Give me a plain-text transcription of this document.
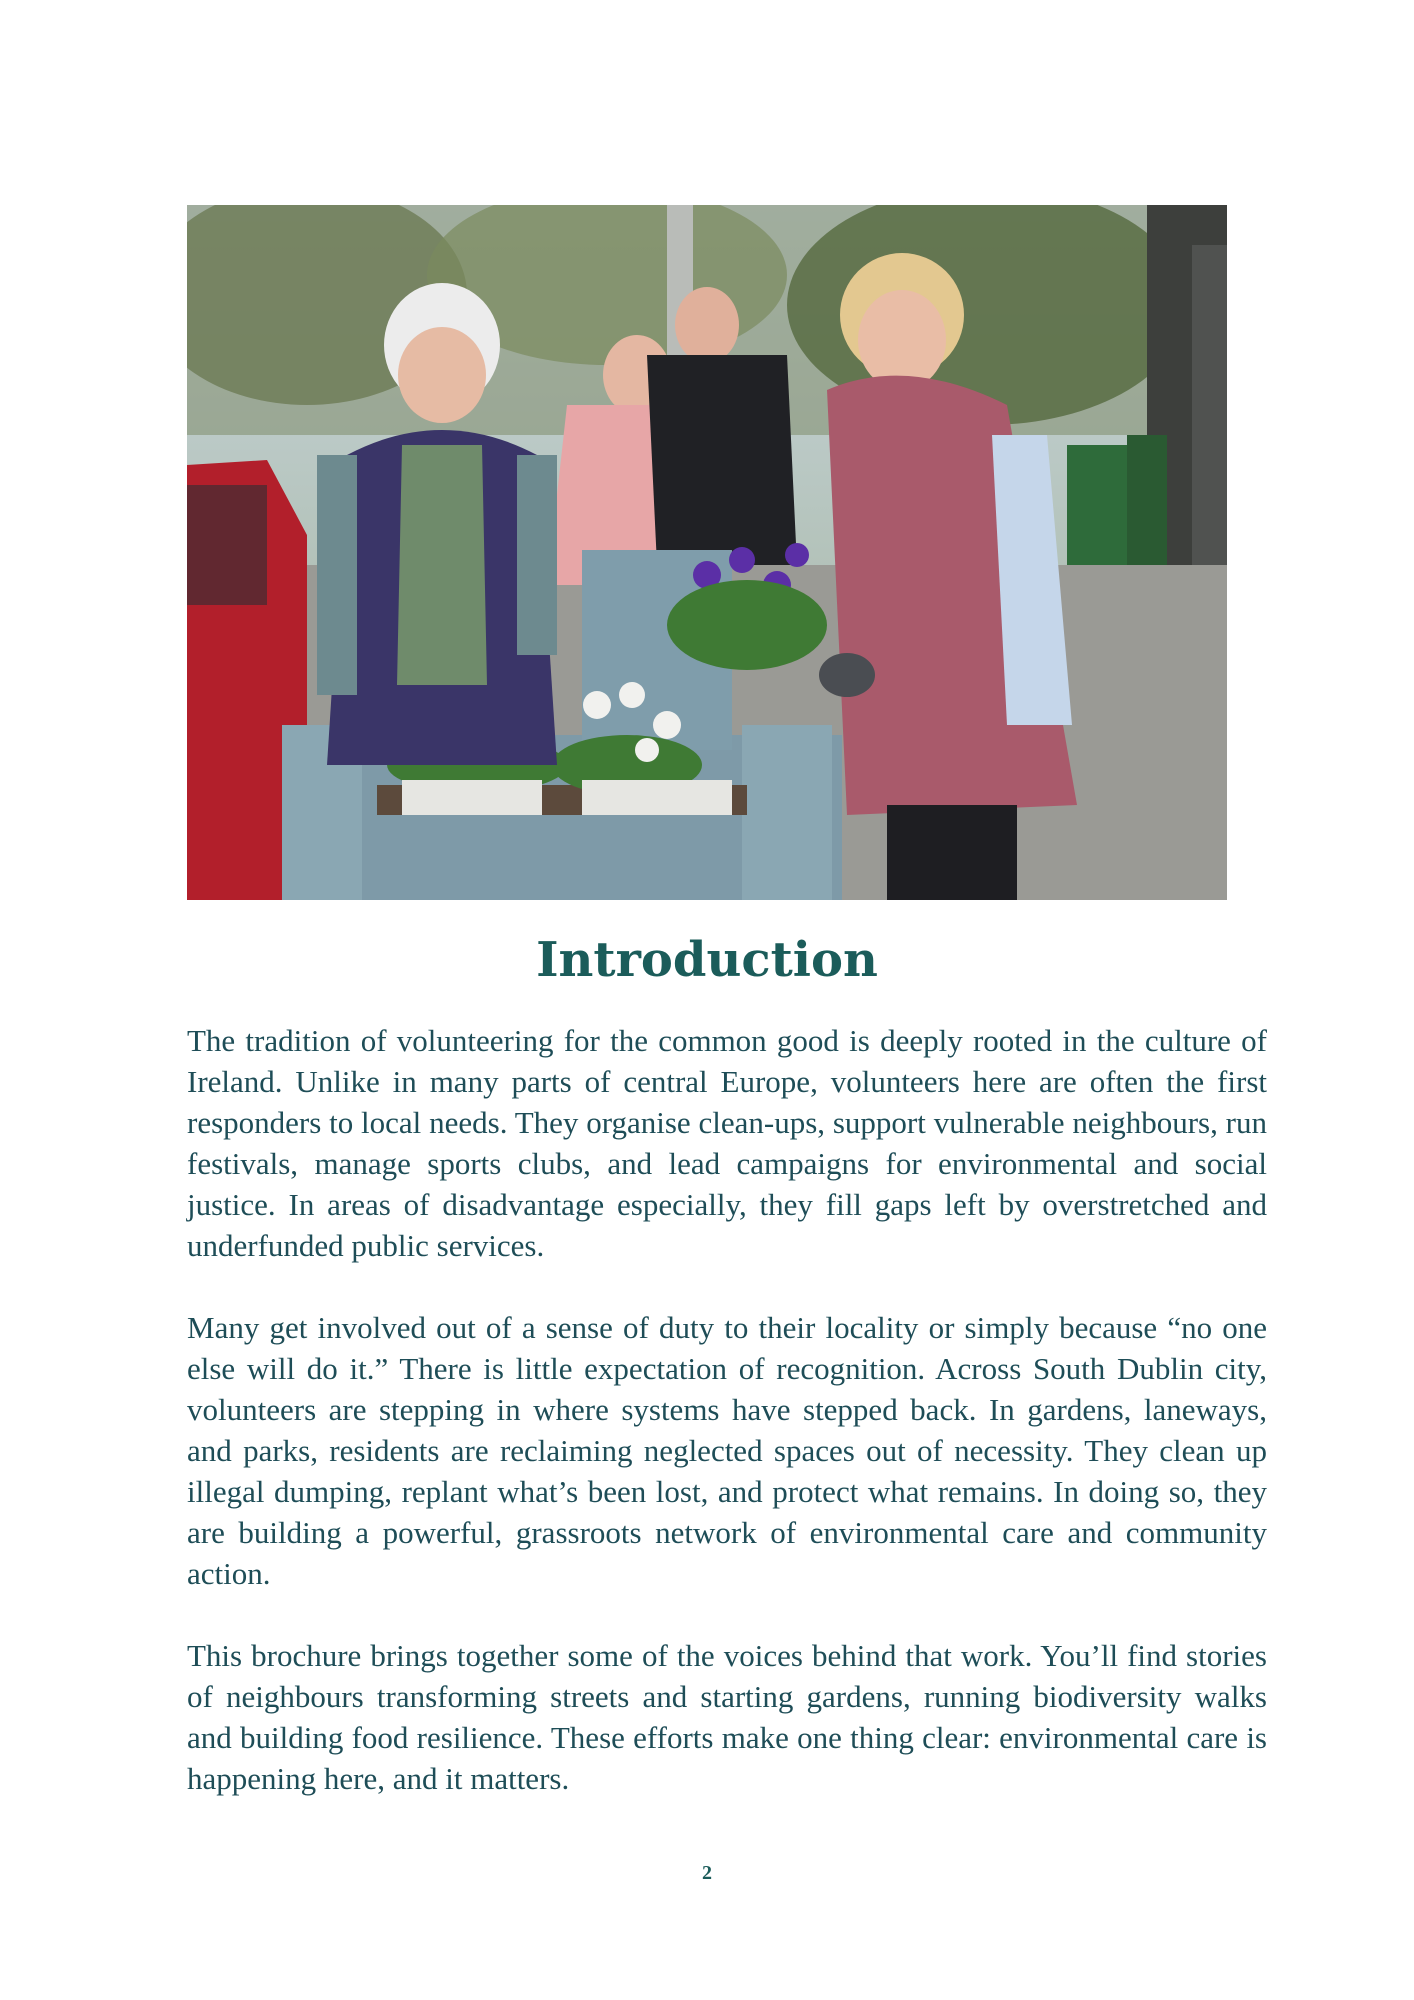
Introduction

The tradition of volunteering for the common good is deeply rooted in the culture of Ireland. Unlike in many parts of central Europe, volunteers here are often the first responders to local needs. They organise clean-ups, support vulnerable neighbours, run festivals, manage sports clubs, and lead campaigns for environmental and social justice. In areas of disadvantage especially, they fill gaps left by overstretched and underfunded public services.

Many get involved out of a sense of duty to their locality or simply because “no one else will do it.” There is little expectation of recognition. Across South Dublin city, volunteers are stepping in where systems have stepped back. In gardens, laneways, and parks, residents are reclaiming neglected spaces out of necessity. They clean up illegal dumping, replant what’s been lost, and protect what remains. In doing so, they are building a powerful, grassroots network of environmental care and community action.

This brochure brings together some of the voices behind that work. You’ll find stories of neighbours transforming streets and starting gardens, running biodiversity walks and building food resilience. These efforts make one thing clear: environmental care is happening here, and it matters.

2
